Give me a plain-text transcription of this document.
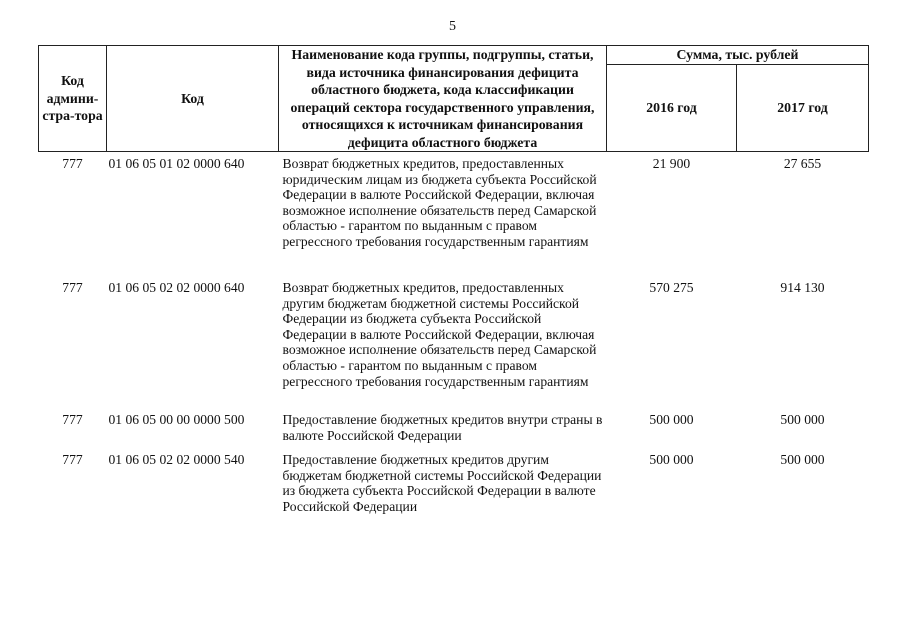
5
Код админи-стра-тора	Код	Наименование кода группы, подгруппы, статьи, вида источника финансирования дефицита областного бюджета, кода классификации операций сектора государственного управления, относящихся к источникам финансирования дефицита областного бюджета	Сумма, тыс. рублей	
			2016 год	2017 год
777	01 06 05 01 02 0000 640	Возврат бюджетных кредитов, предоставленных юридическим лицам из бюджета субъекта Российской Федерации в валюте Российской Федерации, включая возможное исполнение обязательств перед Самарской областью - гарантом по выданным с правом регрессного требования государственным гарантиям	21 900	27 655
777	01 06 05 02 02 0000 640	Возврат бюджетных кредитов, предоставленных другим бюджетам бюджетной системы Российской Федерации из бюджета субъекта Российской Федерации в валюте Российской Федерации, включая возможное исполнение обязательств перед Самарской областью - гарантом по выданным с правом регрессного требования государственным гарантиям	570 275	914 130
777	01 06 05 00 00 0000 500	Предоставление бюджетных кредитов внутри страны в валюте Российской Федерации	500 000	500 000
777	01 06 05 02 02 0000 540	Предоставление бюджетных кредитов другим бюджетам бюджетной системы Российской Федерации из бюджета субъекта Российской Федерации в валюте Российской Федерации	500 000	500 000
